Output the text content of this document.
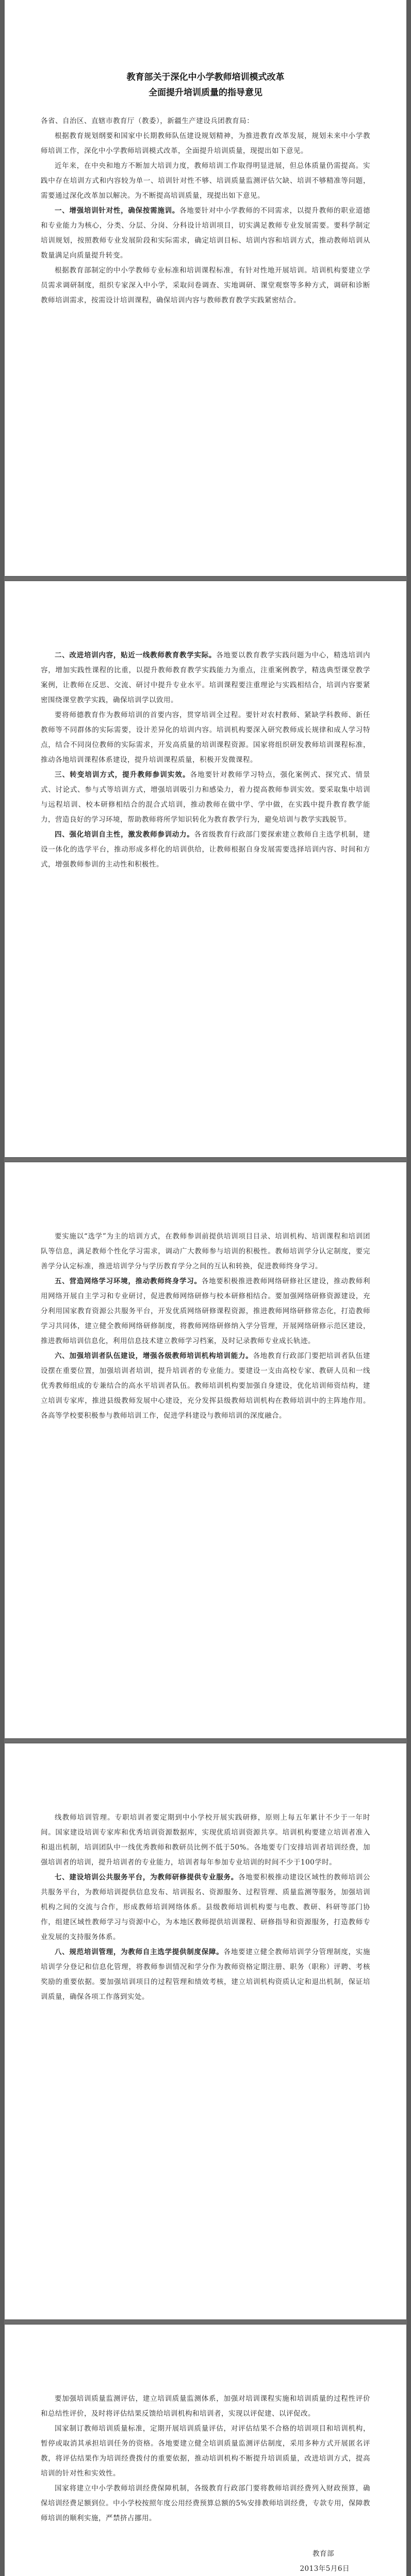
教育部关于深化中小学教师培训模式改革
全面提升培训质量的指导意见

各省、自治区、直辖市教育厅（教委），新疆生产建设兵团教育局：

根据教育规划纲要和国家中长期教师队伍建设规划精神，为推进教育改革发展，规划未来中小学教师培训工作，深化中小学教师培训模式改革，全面提升培训质量，现提出如下意见。

近年来，在中央和地方不断加大培训力度，教师培训工作取得明显进展，但总体质量仍需提高。实践中存在培训方式和内容较为单一、培训针对性不够、培训质量监测评估欠缺、培训不够精准等问题，需要通过深化改革加以解决。为不断提高培训质量，现提出如下意见。

一、增强培训针对性，确保按需施训。各地要针对中小学教师的不同需求，以提升教师的职业道德和专业能力为核心，分类、分层、分岗、分科设计培训项目，切实满足教师专业发展需要。要科学制定培训规划，按照教师专业发展阶段和实际需求，确定培训目标、培训内容和培训方式，推动教师培训从数量满足向质量提升转变。

根据教育部制定的中小学教师专业标准和培训课程标准，有针对性地开展培训。培训机构要建立学员需求调研制度，组织专家深入中小学，采取问卷调查、实地调研、课堂观察等多种方式，调研和诊断教师培训需求，按需设计培训课程，确保培训内容与教师教育教学实践紧密结合。

二、改进培训内容，贴近一线教师教育教学实际。各地要以教育教学实践问题为中心，精选培训内容，增加实践性课程的比重，以提升教师教育教学实践能力为重点，注重案例教学，精选典型课堂教学案例，让教师在反思、交流、研讨中提升专业水平。培训课程要注重理论与实践相结合，培训内容要紧密围绕课堂教学实践，确保培训学以致用。

要将师德教育作为教师培训的首要内容，贯穿培训全过程。要针对农村教师、紧缺学科教师、新任教师等不同群体的实际需要，设计差异化的培训内容。培训机构要深入研究教师成长规律和成人学习特点，结合不同岗位教师的实际需求，开发高质量的培训课程资源。国家将组织研发教师培训课程标准，推动各地培训课程体系建设，提升培训课程质量，积极开发微课程。

三、转变培训方式，提升教师参训实效。各地要针对教师学习特点，强化案例式、探究式、情景式、讨论式、参与式等培训方式，增强培训吸引力和感染力，着力提高教师参训实效。要采取集中培训与远程培训、校本研修相结合的混合式培训，推动教师在做中学、学中做，在实践中提升教育教学能力，营造良好的学习环境，帮助教师将所学知识转化为教育教学行为，避免培训与教学实践脱节。

四、强化培训自主性，激发教师参训动力。各省级教育行政部门要探索建立教师自主选学机制，建设一体化的选学平台，推动形成多样化的培训供给，让教师根据自身发展需要选择培训内容、时间和方式，增强教师参训的主动性和积极性。

要实施以“选学”为主的培训方式，在教师参训前提供培训项目目录、培训机构、培训课程和培训团队等信息，满足教师个性化学习需求，调动广大教师参与培训的积极性。教师培训学分认定制度，要完善学分认定标准，推进培训学分与学历教育学分之间的互认和转换，促进教师终身学习。

五、营造网络学习环境，推动教师终身学习。各地要积极推进教师网络研修社区建设，推动教师利用网络开展自主学习和专业研讨，促进教师网络研修与校本研修相结合。要加强网络研修资源建设，充分利用国家教育资源公共服务平台，开发优质网络研修课程资源，推进教师网络研修常态化，打造教师学习共同体，建立健全教师网络研修制度，将教师网络研修纳入学分管理，开展网络研修示范区建设，推进教师培训信息化，利用信息技术建立教师学习档案，及时记录教师专业成长轨迹。

六、加强培训者队伍建设，增强各级教师培训机构培训能力。各地教育行政部门要把培训者队伍建设摆在重要位置，加强培训者培训，提升培训者的专业能力。要建设一支由高校专家、教研人员和一线优秀教师组成的专兼结合的高水平培训者队伍。教师培训机构要加强自身建设，优化培训师资结构，建立培训专家库，推进县级教师发展中心建设，充分发挥县级教师培训机构在教师培训中的主阵地作用。各高等学校要积极参与教师培训工作，促进学科建设与教师培训的深度融合。

线教师培训管理。专职培训者要定期到中小学校开展实践研修，原则上每五年累计不少于一年时间。国家建设培训专家库和优秀培训资源数据库，实现优质培训资源共享。培训机构要建立培训者准入和退出机制，培训团队中一线优秀教师和教研员比例不低于50%。各地要专门安排培训者培训经费，加强培训者的培训，提升培训者的专业能力，培训者每年参加专业培训的时间不少于100学时。

七、建设培训公共服务平台，为教师研修提供专业服务。各地要积极推动建设区域性的教师培训公共服务平台，为教师培训提供信息发布、培训报名、资源服务、过程管理、质量监测等服务，加强培训机构之间的交流与合作，形成教师培训网络体系。县级教师培训机构要与电教、教研、科研等部门协作，组建区域性教师学习与资源中心，为本地区教师提供培训课程、研修指导和资源服务，打造教师专业发展的支持服务体系。

八、规范培训管理，为教师自主选学提供制度保障。各地要建立健全教师培训学分管理制度，实施培训学分登记和信息化管理，将教师参训情况和学分作为教师资格定期注册、职务（职称）评聘、考核奖励的重要依据。要加强培训项目的过程管理和绩效考核，建立培训机构资质认定和退出机制，保证培训质量，确保各项工作落到实处。

要加强培训质量监测评估，建立培训质量监测体系，加强对培训课程实施和培训质量的过程性评价和总结性评价，及时将评估结果反馈给培训机构和培训者，实现以评促建、以评促改。

国家制订教师培训质量标准，定期开展培训质量评估，对评估结果不合格的培训项目和培训机构，暂停或取消其承担培训任务的资格。各地要建立健全培训质量监测评估制度，采用多种方式开展匿名评教，将评估结果作为培训经费拨付的重要依据，推动培训机构不断提升培训质量，改进培训方式，提高培训的针对性和实效性。

国家将建立中小学教师培训经费保障机制，各级教育行政部门要将教师培训经费列入财政预算，确保培训经费足额到位。中小学校按照年度公用经费预算总额的5%安排教师培训经费，专款专用，保障教师培训的顺利实施，严禁挤占挪用。

教育部

2013年5月6日
